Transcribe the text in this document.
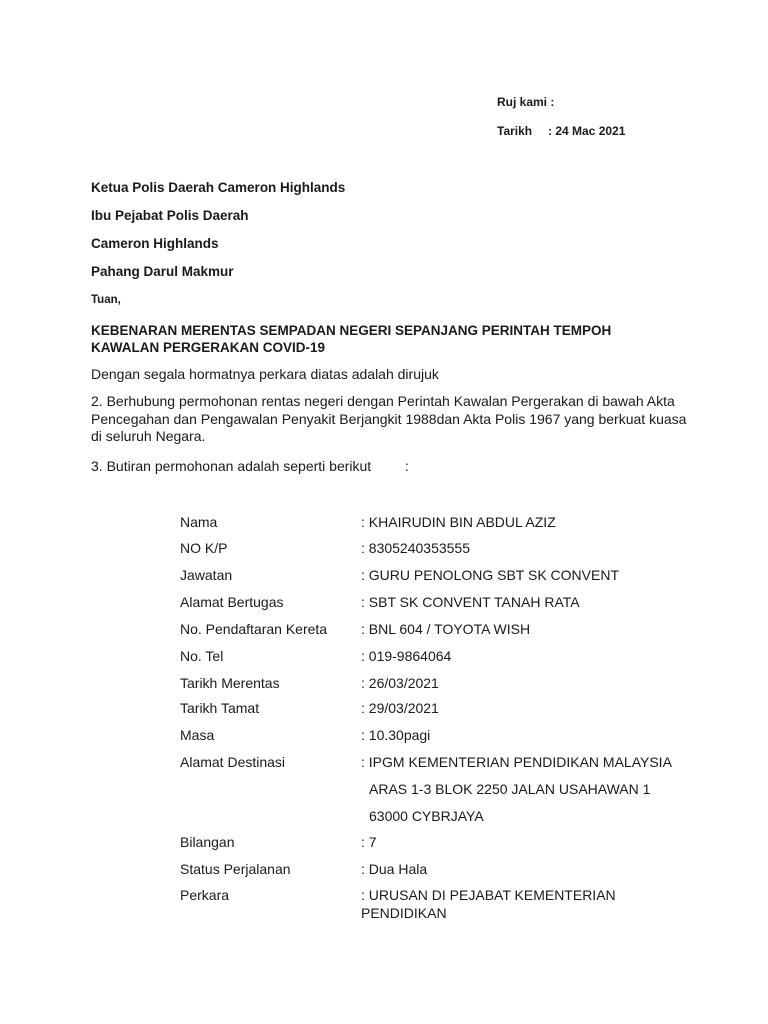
Ruj kami :

Tarikh : 24 Mac 2021

Ketua Polis Daerah Cameron Highlands

Ibu Pejabat Polis Daerah

Cameron Highlands

Pahang Darul Makmur

Tuan,

KEBENARAN MERENTAS SEMPADAN NEGERI SEPANJANG PERINTAH TEMPOH
KAWALAN PERGERAKAN COVID-19

Dengan segala hormatnya perkara diatas adalah dirujuk

2. Berhubung permohonan rentas negeri dengan Perintah Kawalan Pergerakan di bawah Akta Pencegahan dan Pengawalan Penyakit Berjangkit 1988dan Akta Polis 1967 yang berkuat kuasa di seluruh Negara.

3. Butiran permohonan adalah seperti berikut :

Nama	: KHAIRUDIN BIN ABDUL AZIZ

NO K/P	: 8305240353555

Jawatan	: GURU PENOLONG SBT SK CONVENT

Alamat Bertugas	: SBT SK CONVENT TANAH RATA

No. Pendaftaran Kereta : BNL 604 / TOYOTA WISH

No. Tel	: 019-9864064

Tarikh Merentas	: 26/03/2021

Tarikh Tamat	: 29/03/2021

Masa	: 10.30pagi

Alamat Destinasi	: IPGM KEMENTERIAN PENDIDIKAN MALAYSIA

ARAS 1-3 BLOK 2250 JALAN USAHAWAN 1

63000 CYBRJAYA

Bilangan	: 7

Status Perjalanan	: Dua Hala

Perkara	: URUSAN DI PEJABAT KEMENTERIAN PENDIDIKAN
